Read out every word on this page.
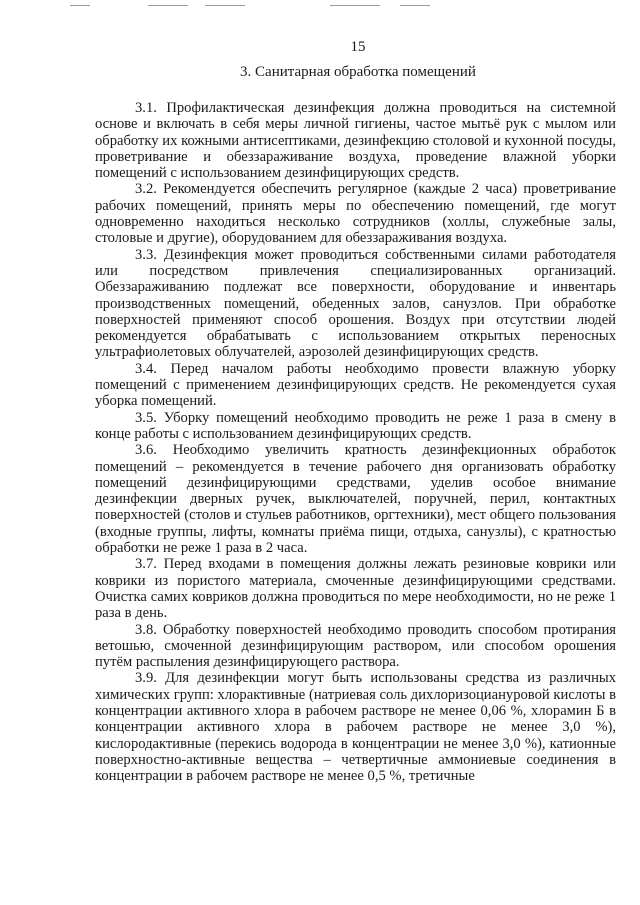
15
3. Санитарная обработка помещений

3.1. Профилактическая дезинфекция должна проводиться на системной основе и включать в себя меры личной гигиены, частое мытьё рук с мылом или обработку их кожными антисептиками, дезинфекцию столовой и кухонной посуды, проветривание и обеззараживание воздуха, проведение влажной уборки помещений с использованием дезинфицирующих средств.

3.2. Рекомендуется обеспечить регулярное (каждые 2 часа) проветривание рабочих помещений, принять меры по обеспечению помещений, где могут одновременно находиться несколько сотрудников (холлы, служебные залы, столовые и другие), оборудованием для обеззараживания воздуха.

3.3. Дезинфекция может проводиться собственными силами работодателя или посредством привлечения специализированных организаций. Обеззараживанию подлежат все поверхности, оборудование и инвентарь производственных помещений, обеденных залов, санузлов. При обработке поверхностей применяют способ орошения. Воздух при отсутствии людей рекомендуется обрабатывать с использованием открытых переносных ультрафиолетовых облучателей, аэрозолей дезинфицирующих средств.

3.4. Перед началом работы необходимо провести влажную уборку помещений с применением дезинфицирующих средств. Не рекомендуется сухая уборка помещений.

3.5. Уборку помещений необходимо проводить не реже 1 раза в смену в конце работы с использованием дезинфицирующих средств.

3.6. Необходимо увеличить кратность дезинфекционных обработок помещений – рекомендуется в течение рабочего дня организовать обработку помещений дезинфицирующими средствами, уделив особое внимание дезинфекции дверных ручек, выключателей, поручней, перил, контактных поверхностей (столов и стульев работников, оргтехники), мест общего пользования (входные группы, лифты, комнаты приёма пищи, отдыха, санузлы), с кратностью обработки не реже 1 раза в 2 часа.

3.7. Перед входами в помещения должны лежать резиновые коврики или коврики из пористого материала, смоченные дезинфицирующими средствами. Очистка самих ковриков должна проводиться по мере необходимости, но не реже 1 раза в день.

3.8. Обработку поверхностей необходимо проводить способом протирания ветошью, смоченной дезинфицирующим раствором, или способом орошения путём распыления дезинфицирующего раствора.

3.9. Для дезинфекции могут быть использованы средства из различных химических групп: хлорактивные (натриевая соль дихлоризоциануровой кислоты в концентрации активного хлора в рабочем растворе не менее 0,06 %, хлорамин Б в концентрации активного хлора в рабочем растворе не менее 3,0 %), кислородактивные (перекись водорода в концентрации не менее 3,0 %), катионные поверхностно-активные вещества – четвертичные аммониевые соединения в концентрации в рабочем растворе не менее 0,5 %, третичные
